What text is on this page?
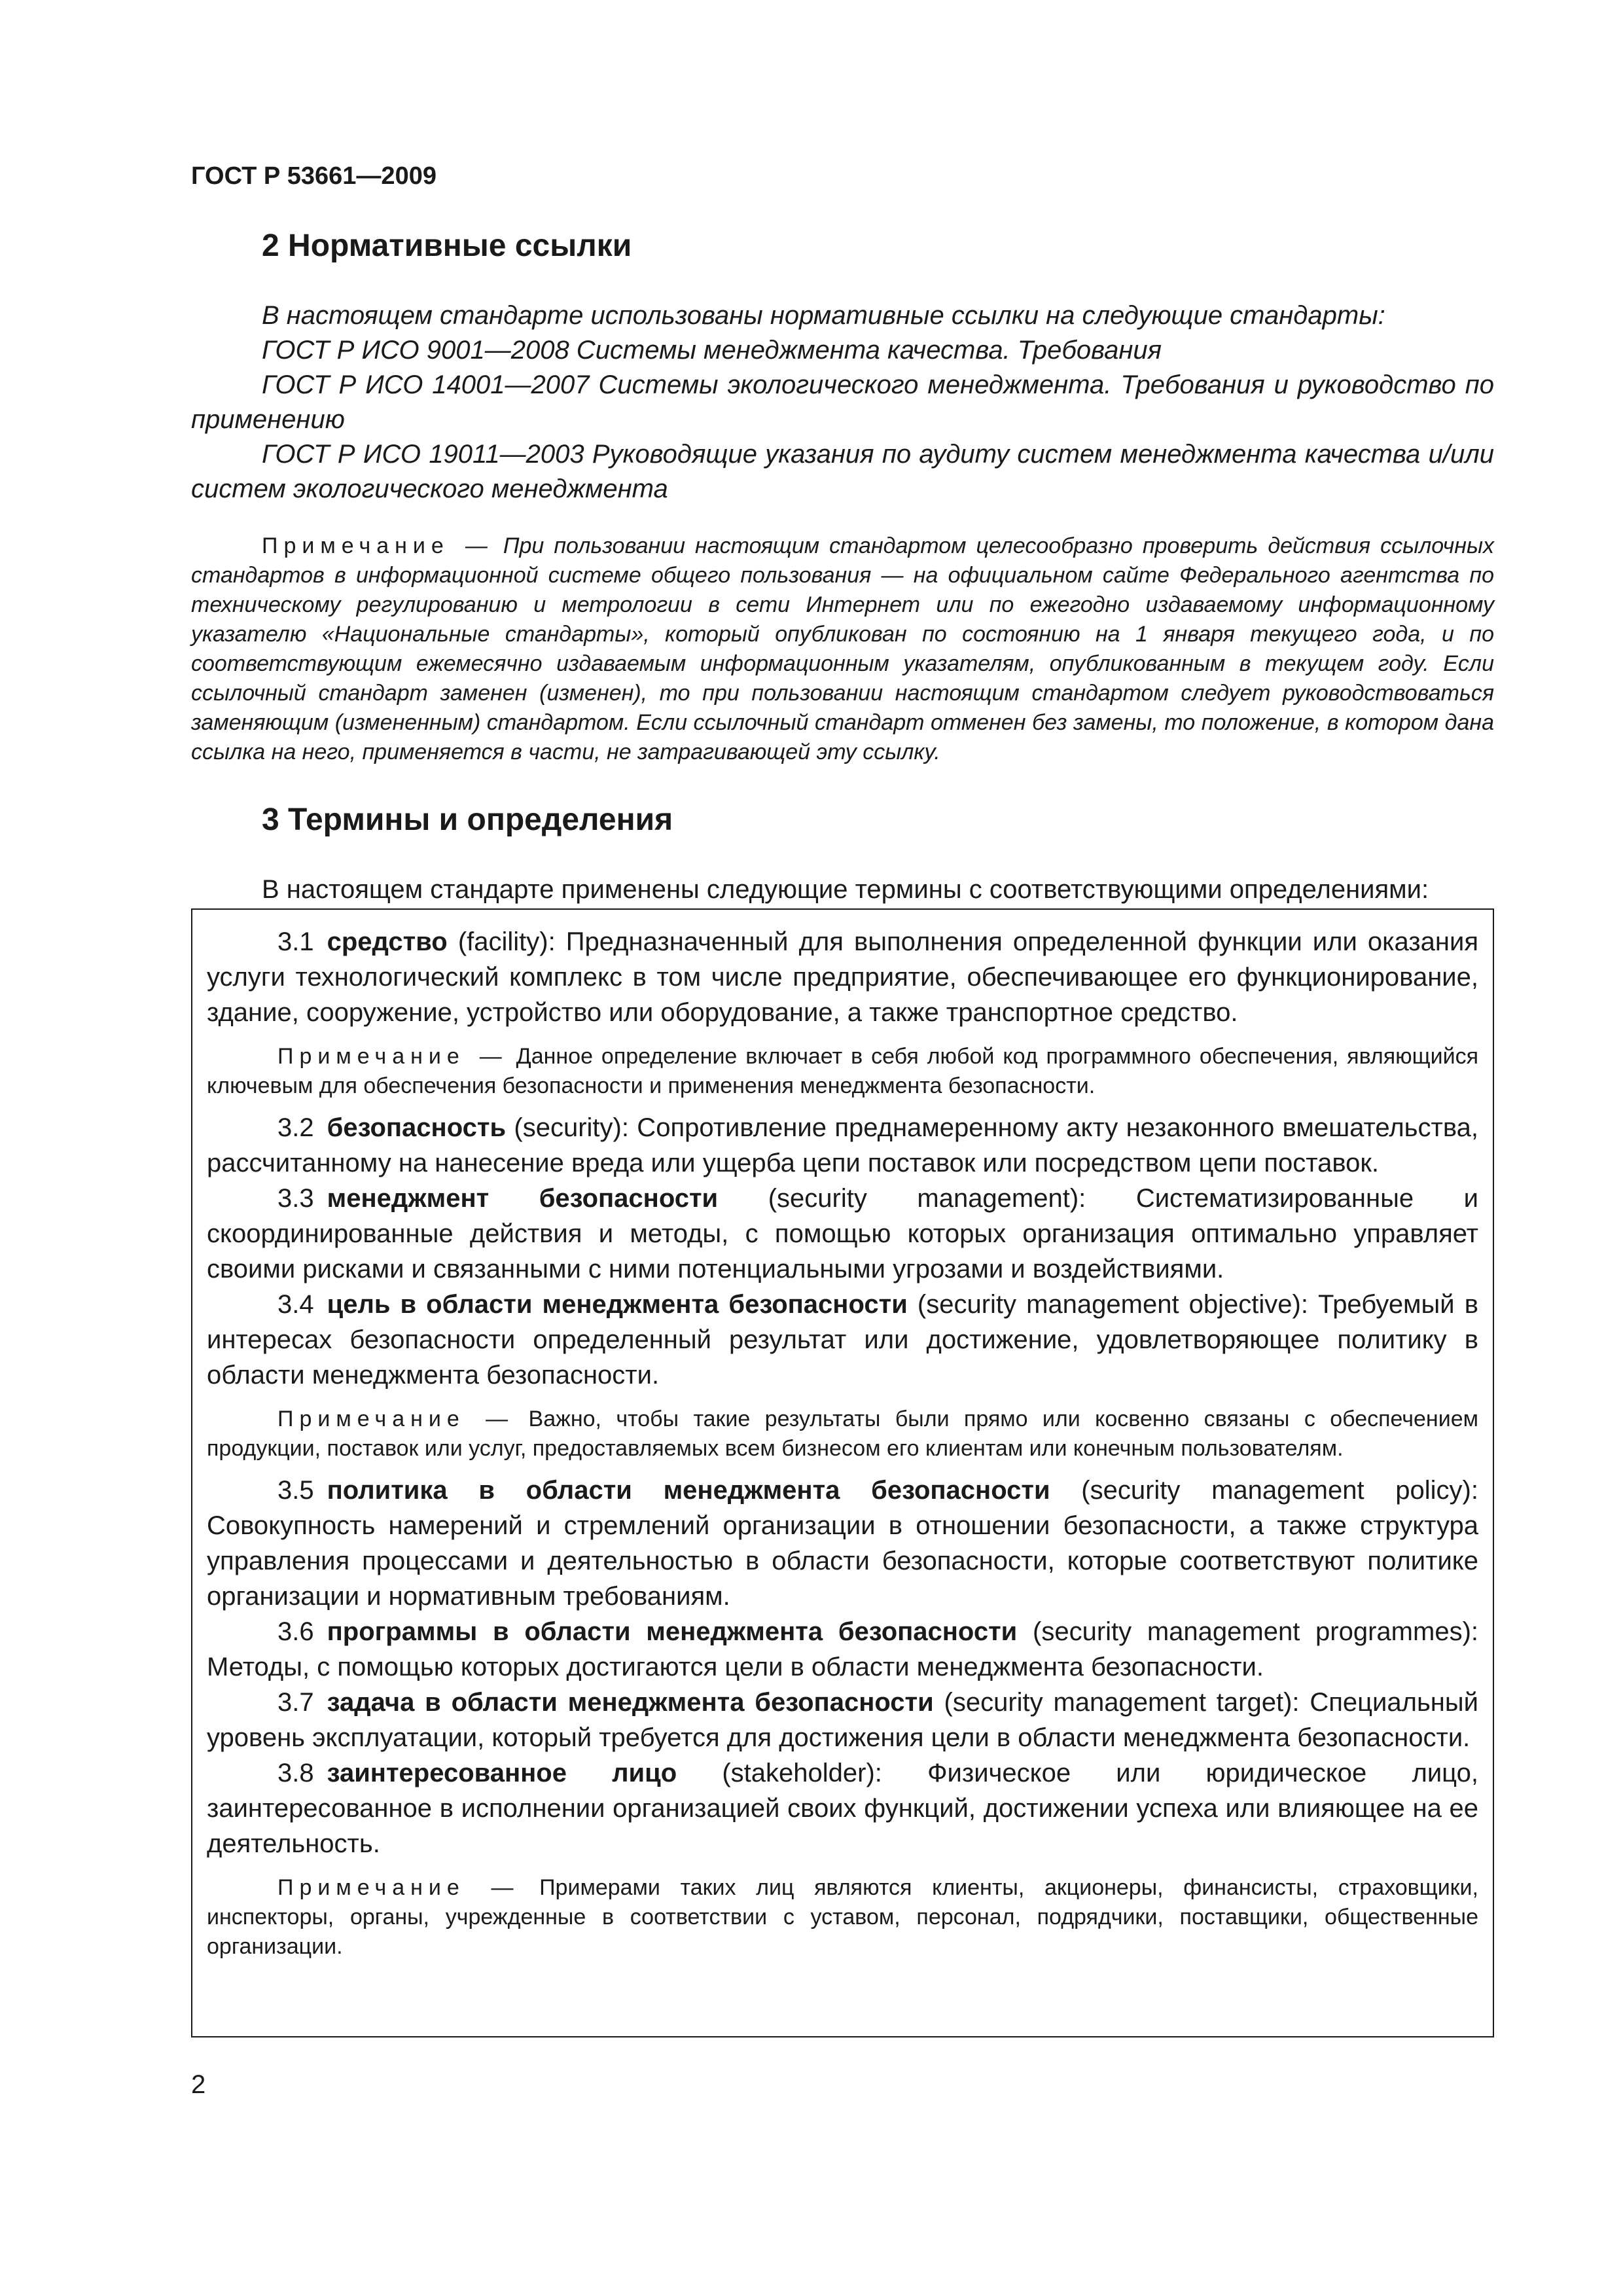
ГОСТ Р 53661—2009

2 Нормативные ссылки

В настоящем стандарте использованы нормативные ссылки на следующие стандарты:

ГОСТ Р ИСО 9001—2008 Системы менеджмента качества. Требования

ГОСТ Р ИСО 14001—2007 Системы экологического менеджмента. Требования и руководство по применению

ГОСТ Р ИСО 19011—2003 Руководящие указания по аудиту систем менеджмента качества и/или систем экологического менеджмента

Примечание — При пользовании настоящим стандартом целесообразно проверить действия ссылочных стандартов в информационной системе общего пользования — на официальном сайте Федерального агентства по техническому регулированию и метрологии в сети Интернет или по ежегодно издаваемому информационному указателю «Национальные стандарты», который опубликован по состоянию на 1 января текущего года, и по соответствующим ежемесячно издаваемым информационным указателям, опубликованным в текущем году. Если ссылочный стандарт заменен (изменен), то при пользовании настоящим стандартом следует руководствоваться заменяющим (измененным) стандартом. Если ссылочный стандарт отменен без замены, то положение, в котором дана ссылка на него, применяется в части, не затрагивающей эту ссылку.

3 Термины и определения

В настоящем стандарте применены следующие термины с соответствующими определениями:

3.1 средство (facility): Предназначенный для выполнения определенной функции или оказания услуги технологический комплекс в том числе предприятие, обеспечивающее его функционирование, здание, сооружение, устройство или оборудование, а также транспортное средство.

Примечание — Данное определение включает в себя любой код программного обеспечения, являющийся ключевым для обеспечения безопасности и применения менеджмента безопасности.

3.2 безопасность (security): Сопротивление преднамеренному акту незаконного вмешательства, рассчитанному на нанесение вреда или ущерба цепи поставок или посредством цепи поставок.

3.3 менеджмент безопасности (security management): Систематизированные и скоординированные действия и методы, с помощью которых организация оптимально управляет своими рисками и связанными с ними потенциальными угрозами и воздействиями.

3.4 цель в области менеджмента безопасности (security management objective): Требуемый в интересах безопасности определенный результат или достижение, удовлетворяющее политику в области менеджмента безопасности.

Примечание — Важно, чтобы такие результаты были прямо или косвенно связаны с обеспечением продукции, поставок или услуг, предоставляемых всем бизнесом его клиентам или конечным пользователям.

3.5 политика в области менеджмента безопасности (security management policy): Совокупность намерений и стремлений организации в отношении безопасности, а также структура управления процессами и деятельностью в области безопасности, которые соответствуют политике организации и нормативным требованиям.

3.6 программы в области менеджмента безопасности (security management programmes): Методы, с помощью которых достигаются цели в области менеджмента безопасности.

3.7 задача в области менеджмента безопасности (security management target): Специальный уровень эксплуатации, который требуется для достижения цели в области менеджмента безопасности.

3.8 заинтересованное лицо (stakeholder): Физическое или юридическое лицо, заинтересованное в исполнении организацией своих функций, достижении успеха или влияющее на ее деятельность.

Примечание — Примерами таких лиц являются клиенты, акционеры, финансисты, страховщики, инспекторы, органы, учрежденные в соответствии с уставом, персонал, подрядчики, поставщики, общественные организации.

2
